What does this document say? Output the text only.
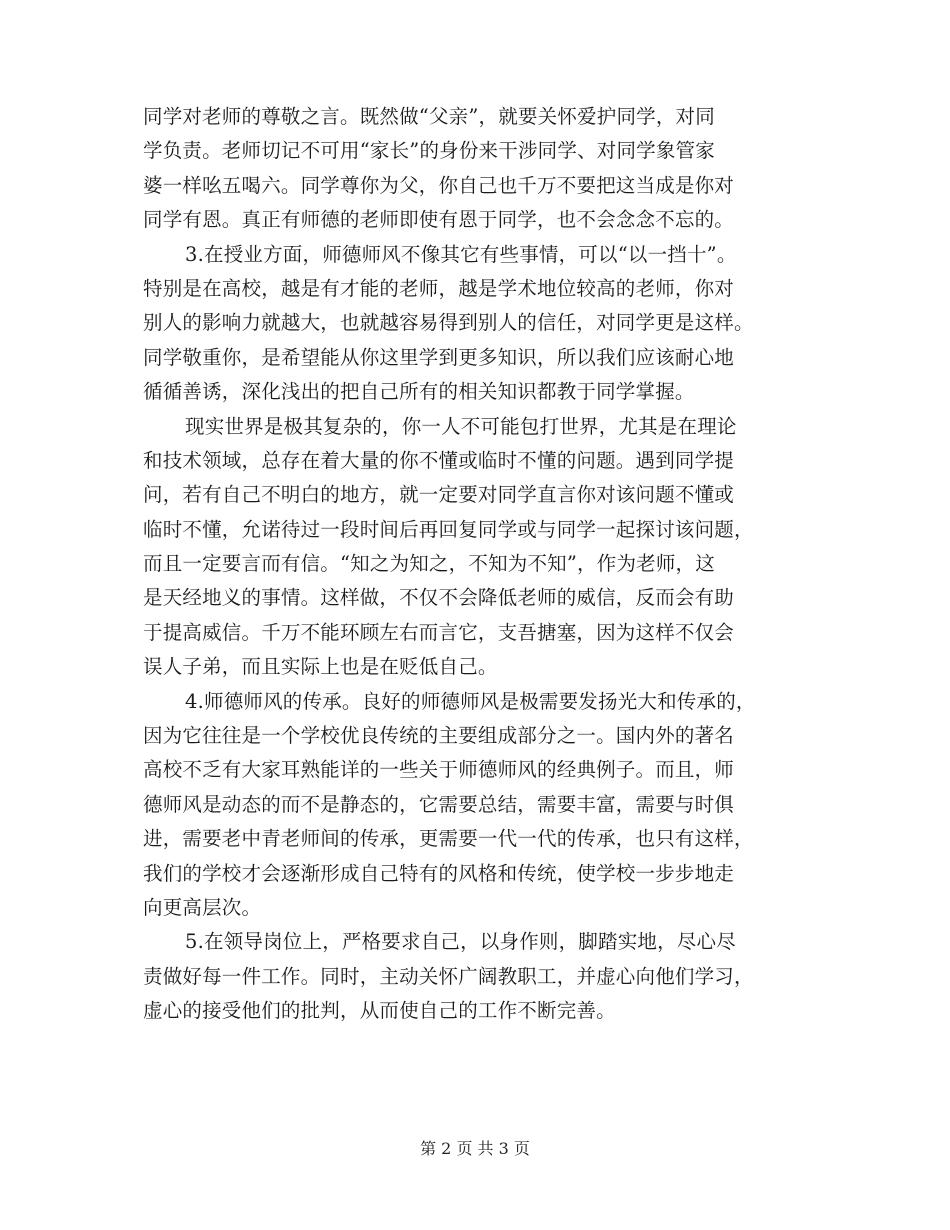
同学对老师的尊敬之言。既然做“父亲”，就要关怀爱护同学，对同
学负责。老师切记不可用“家长”的身份来干涉同学、对同学象管家
婆一样吆五喝六。同学尊你为父，你自己也千万不要把这当成是你对
同学有恩。真正有师德的老师即使有恩于同学，也不会念念不忘的。
3.在授业方面，师德师风不像其它有些事情，可以“以一挡十”。
特别是在高校，越是有才能的老师，越是学术地位较高的老师，你对
别人的影响力就越大，也就越容易得到别人的信任，对同学更是这样。
同学敬重你，是希望能从你这里学到更多知识，所以我们应该耐心地
循循善诱，深化浅出的把自己所有的相关知识都教于同学掌握。
现实世界是极其复杂的，你一人不可能包打世界，尤其是在理论
和技术领域，总存在着大量的你不懂或临时不懂的问题。遇到同学提
问，若有自己不明白的地方，就一定要对同学直言你对该问题不懂或
临时不懂，允诺待过一段时间后再回复同学或与同学一起探讨该问题，
而且一定要言而有信。“知之为知之，不知为不知”，作为老师，这
是天经地义的事情。这样做，不仅不会降低老师的威信，反而会有助
于提高威信。千万不能环顾左右而言它，支吾搪塞，因为这样不仅会
误人子弟，而且实际上也是在贬低自己。
4.师德师风的传承。良好的师德师风是极需要发扬光大和传承的，
因为它往往是一个学校优良传统的主要组成部分之一。国内外的著名
高校不乏有大家耳熟能详的一些关于师德师风的经典例子。而且，师
德师风是动态的而不是静态的，它需要总结，需要丰富，需要与时俱
进，需要老中青老师间的传承，更需要一代一代的传承，也只有这样，
我们的学校才会逐渐形成自己特有的风格和传统，使学校一步步地走
向更高层次。
5.在领导岗位上，严格要求自己，以身作则，脚踏实地，尽心尽
责做好每一件工作。同时，主动关怀广阔教职工，并虚心向他们学习，
虚心的接受他们的批判，从而使自己的工作不断完善。
第 2 页 共 3 页
